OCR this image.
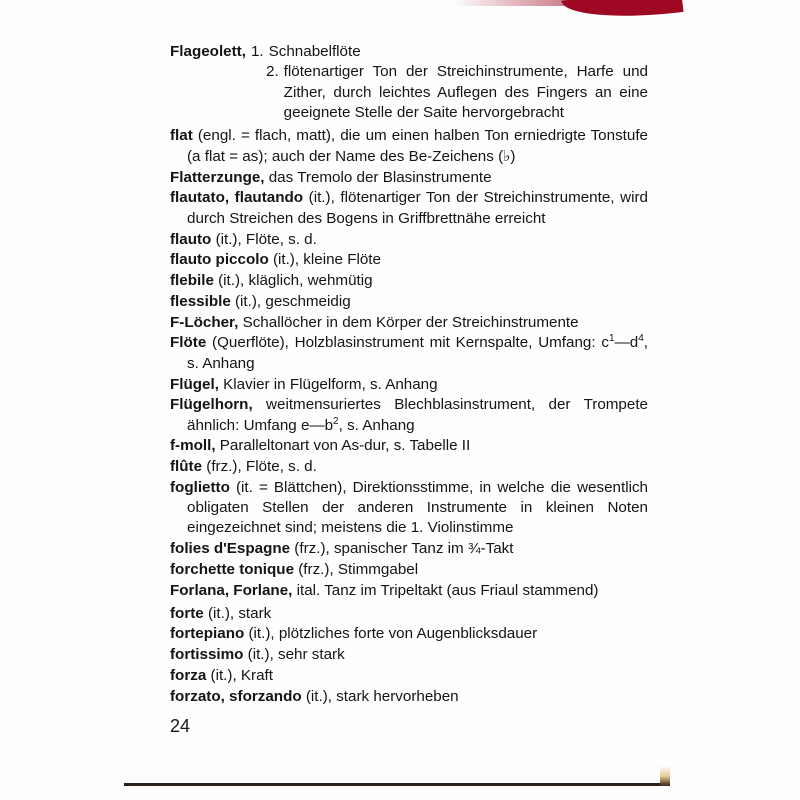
Flageolett, 1. Schnabelflöte
2. flötenartiger Ton der Streichinstrumente, Harfe und Zither, durch leichtes Auflegen des Fingers an eine geeignete Stelle der Saite hervorgebracht

flat (engl. = flach, matt), die um einen halben Ton erniedrigte Tonstufe (a flat = as); auch der Name des Be-Zeichens (♭)

Flatterzunge, das Tremolo der Blasinstrumente

flautato, flautando (it.), flötenartiger Ton der Streichinstrumente, wird durch Streichen des Bogens in Griffbrettnähe erreicht

flauto (it.), Flöte, s. d.

flauto piccolo (it.), kleine Flöte

flebile (it.), kläglich, wehmütig

flessible (it.), geschmeidig

F-Löcher, Schallöcher in dem Körper der Streichinstrumente

Flöte (Querflöte), Holzblasinstrument mit Kernspalte, Umfang: $c^1—d^4$, s. Anhang

Flügel, Klavier in Flügelform, s. Anhang

Flügelhorn, weitmensuriertes Blechblasinstrument, der Trompete ähnlich: Umfang $e—b^2$, s. Anhang

f-moll, Paralleltonart von As-dur, s. Tabelle II

flûte (frz.), Flöte, s. d.

foglietto (it. = Blättchen), Direktionsstimme, in welche die wesentlich obligaten Stellen der anderen Instrumente in kleinen Noten eingezeichnet sind; meistens die 1. Violinstimme

folies d'Espagne (frz.), spanischer Tanz im ¾-Takt

forchette tonique (frz.), Stimmgabel

Forlana, Forlane, ital. Tanz im Tripeltakt (aus Friaul stammend)

forte (it.), stark

fortepiano (it.), plötzliches forte von Augenblicksdauer

fortissimo (it.), sehr stark

forza (it.), Kraft

forzato, sforzando (it.), stark hervorheben

24
